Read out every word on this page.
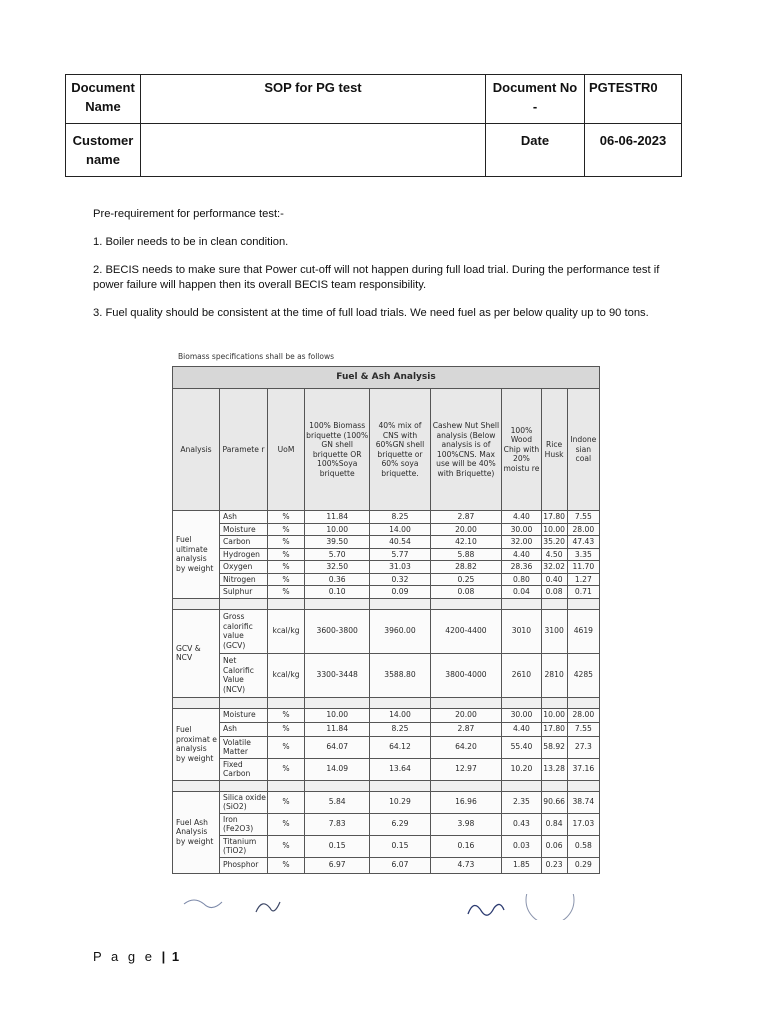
Document Name	SOP for PG test	Document No -	PGTESTR0
Customer name		Date	06-06-2023
Pre-requirement for performance test:-
1. Boiler needs to be in clean condition.
2. BECIS needs to make sure that Power cut-off will not happen during full load trial. During the performance test if power failure will happen then its overall BECIS team responsibility.
3. Fuel quality should be consistent at the time of full load trials. We need fuel as per below quality up to 90 tons.
Biomass specifications shall be as follows
Fuel & Ash Analysis								
Analysis	Paramete r	UoM	100% Biomass briquette (100% GN shell briquette OR 100%Soya briquette	40% mix of CNS with 60%GN shell briquette or 60% soya briquette.	Cashew Nut Shell analysis (Below analysis is of 100%CNS. Max use will be 40% with Briquette)	100% Wood Chip with 20% moistu re	Rice Husk	Indone sian coal
Fuel ultimate analysis by weight	Ash	%	11.84	8.25	2.87	4.40	17.80	7.55
	Moisture	%	10.00	14.00	20.00	30.00	10.00	28.00
	Carbon	%	39.50	40.54	42.10	32.00	35.20	47.43
	Hydrogen	%	5.70	5.77	5.88	4.40	4.50	3.35
	Oxygen	%	32.50	31.03	28.82	28.36	32.02	11.70
	Nitrogen	%	0.36	0.32	0.25	0.80	0.40	1.27
	Sulphur	%	0.10	0.09	0.08	0.04	0.08	0.71

GCV & NCV	Gross calorific value (GCV)	kcal/kg	3600-3800	3960.00	4200-4400	3010	3100	4619
	Net Calorific Value (NCV)	kcal/kg	3300-3448	3588.80	3800-4000	2610	2810	4285

Fuel proximat e analysis by weight	Moisture	%	10.00	14.00	20.00	30.00	10.00	28.00
	Ash	%	11.84	8.25	2.87	4.40	17.80	7.55
	Volatile Matter	%	64.07	64.12	64.20	55.40	58.92	27.3
	Fixed Carbon	%	14.09	13.64	12.97	10.20	13.28	37.16

Fuel Ash Analysis by weight	Silica oxide (SiO2)	%	5.84	10.29	16.96	2.35	90.66	38.74
	Iron (Fe2O3)	%	7.83	6.29	3.98	0.43	0.84	17.03
	Titanium (TiO2)	%	0.15	0.15	0.16	0.03	0.06	0.58
	Phosphor	%	6.97	6.07	4.73	1.85	0.23	0.29
P a g e | 1
